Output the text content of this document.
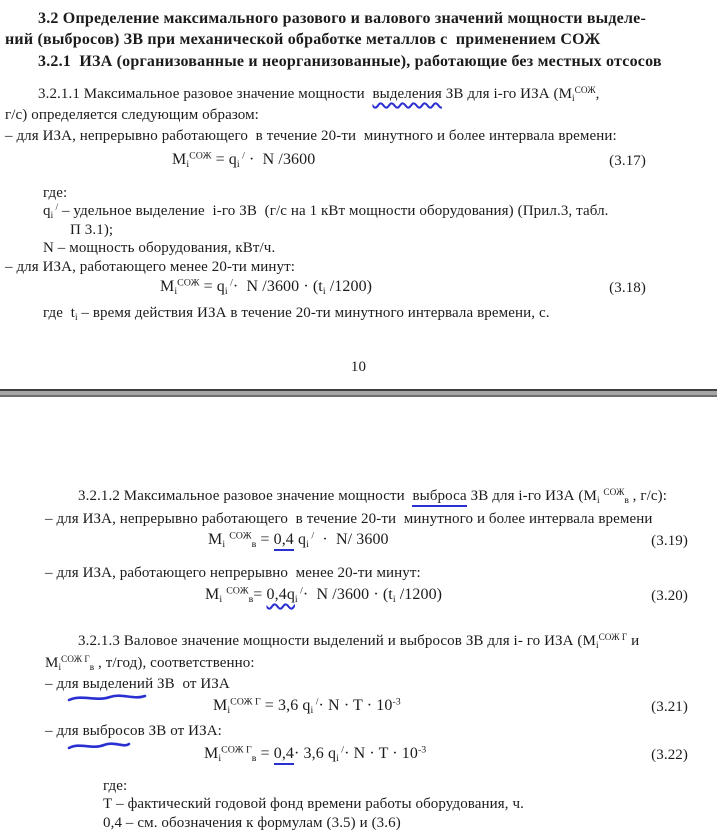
3.2 Определение максимального разового и валового значений мощности выделе-
ний (выбросов) ЗВ при механической обработке металлов с  применением СОЖ
3.2.1  ИЗА (организованные и неорганизованные), работающие без местных отсосов
3.2.1.1 Максимальное разовое значение мощности  выделения ЗВ для i-го ИЗА ($M_i^{СОЖ}$,
г/с) определяется следующим образом:
– для ИЗА, непрерывно работающего  в течение 20-ти  минутного и более интервала времени:
$M_i^{СОЖ} = q_i$ / ·  N /3600	(3.17)
где:
$q_i$ / – удельное выделение  i-го ЗВ  (г/с на 1 кВт мощности оборудования) (Прил.3, табл.
П 3.1);
N – мощность оборудования, кВт/ч.
– для ИЗА, работающего менее 20-ти минут:
$M_i^{СОЖ} = q_i$ /·  N $/3600 \cdot (t_i$ /1200)	(3.18)
где  $t_i$ – время действия ИЗА в течение 20-ти минутного интервала времени, с.
10
3.2.1.2 Максимальное разовое значение мощности  выброса ЗВ для i-го ИЗА ($M_i$ $^{СОЖ}_в$ , г/с):
– для ИЗА, непрерывно работающего  в течение 20-ти  минутного и более интервала времени
$M_i$ $^{СОЖ}_в$ = 0,4 $q_i$ /  ·  N/ 3600	(3.19)
– для ИЗА, работающего непрерывно  менее 20-ти минут:
$M_i$ $^{СОЖ}_в= 0,4q_i$ /·  N $/3600 \cdot (t_i$ /1200)	(3.20)
3.2.1.3 Валовое значение мощности выделений и выбросов ЗВ для i- го ИЗА ($M_i^{СОЖ Г}$ и
$M_i^{СОЖ Г}_в$ , т/год), соответственно:
– для выделений ЗВ  от ИЗА
$M_i^{СОЖ Г} = 3,6$ $q_i$ $^/\cdot N \cdot T \cdot 10^{-3}$	(3.21)
– для выбросов ЗВ от ИЗА:
$M_i^{СОЖ Г}_в = 0,4\cdot 3,6$ $q_i$ $^/\cdot N \cdot T \cdot 10^{-3}$	(3.22)
где:
Т – фактический годовой фонд времени работы оборудования, ч.
0,4 – см. обозначения к формулам (3.5) и (3.6)
